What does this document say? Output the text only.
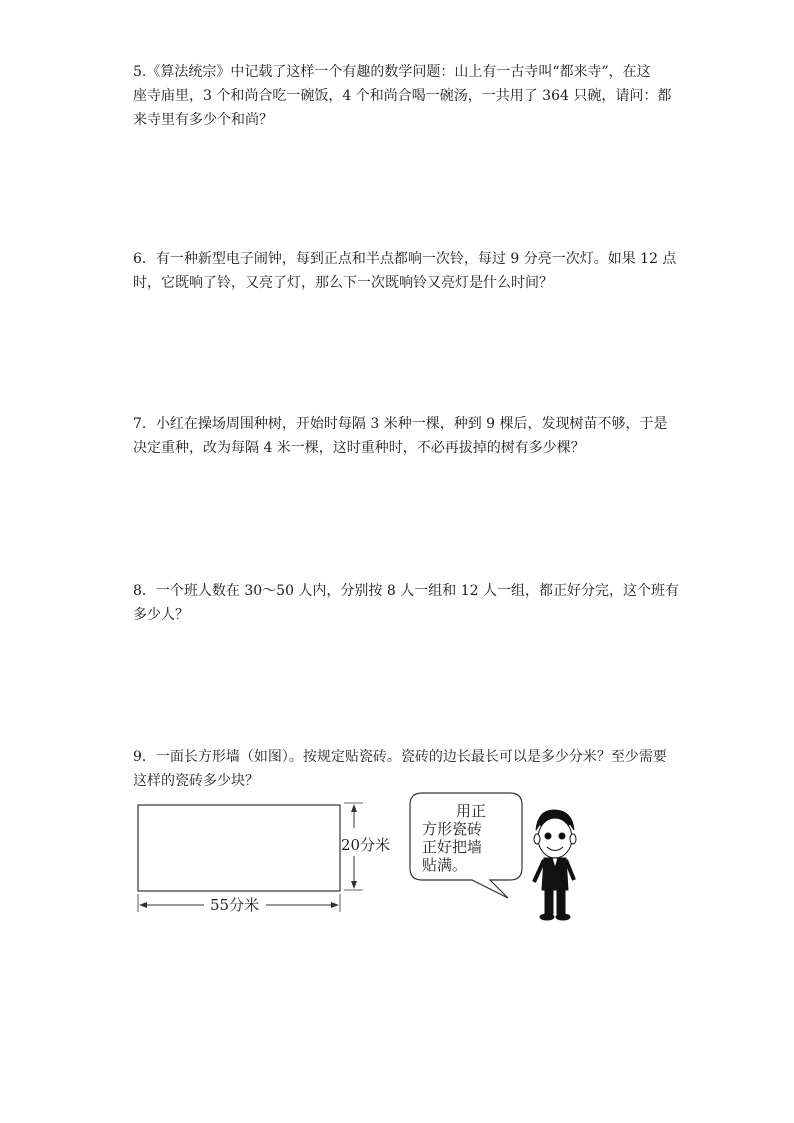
5.《算法统宗》中记载了这样一个有趣的数学问题：山上有一古寺叫“都来寺”，在这

座寺庙里，3 个和尚合吃一碗饭，4 个和尚合喝一碗汤，一共用了 364 只碗，请问：都

来寺里有多少个和尚？

6．有一种新型电子闹钟，每到正点和半点都响一次铃，每过 9 分亮一次灯。如果 12 点

时，它既响了铃，又亮了灯，那么下一次既响铃又亮灯是什么时间？

7．小红在操场周围种树，开始时每隔 3 米种一棵，种到 9 棵后，发现树苗不够，于是

决定重种，改为每隔 4 米一棵，这时重种时，不必再拔掉的树有多少棵？

8．一个班人数在 30～50 人内，分别按 8 人一组和 12 人一组，都正好分完，这个班有

多少人？

9．一面长方形墙（如图）。按规定贴瓷砖。瓷砖的边长最长可以是多少分米？至少需要

这样的瓷砖多少块？

20分米
55分米
用正
方形瓷砖
正好把墙
贴满。
